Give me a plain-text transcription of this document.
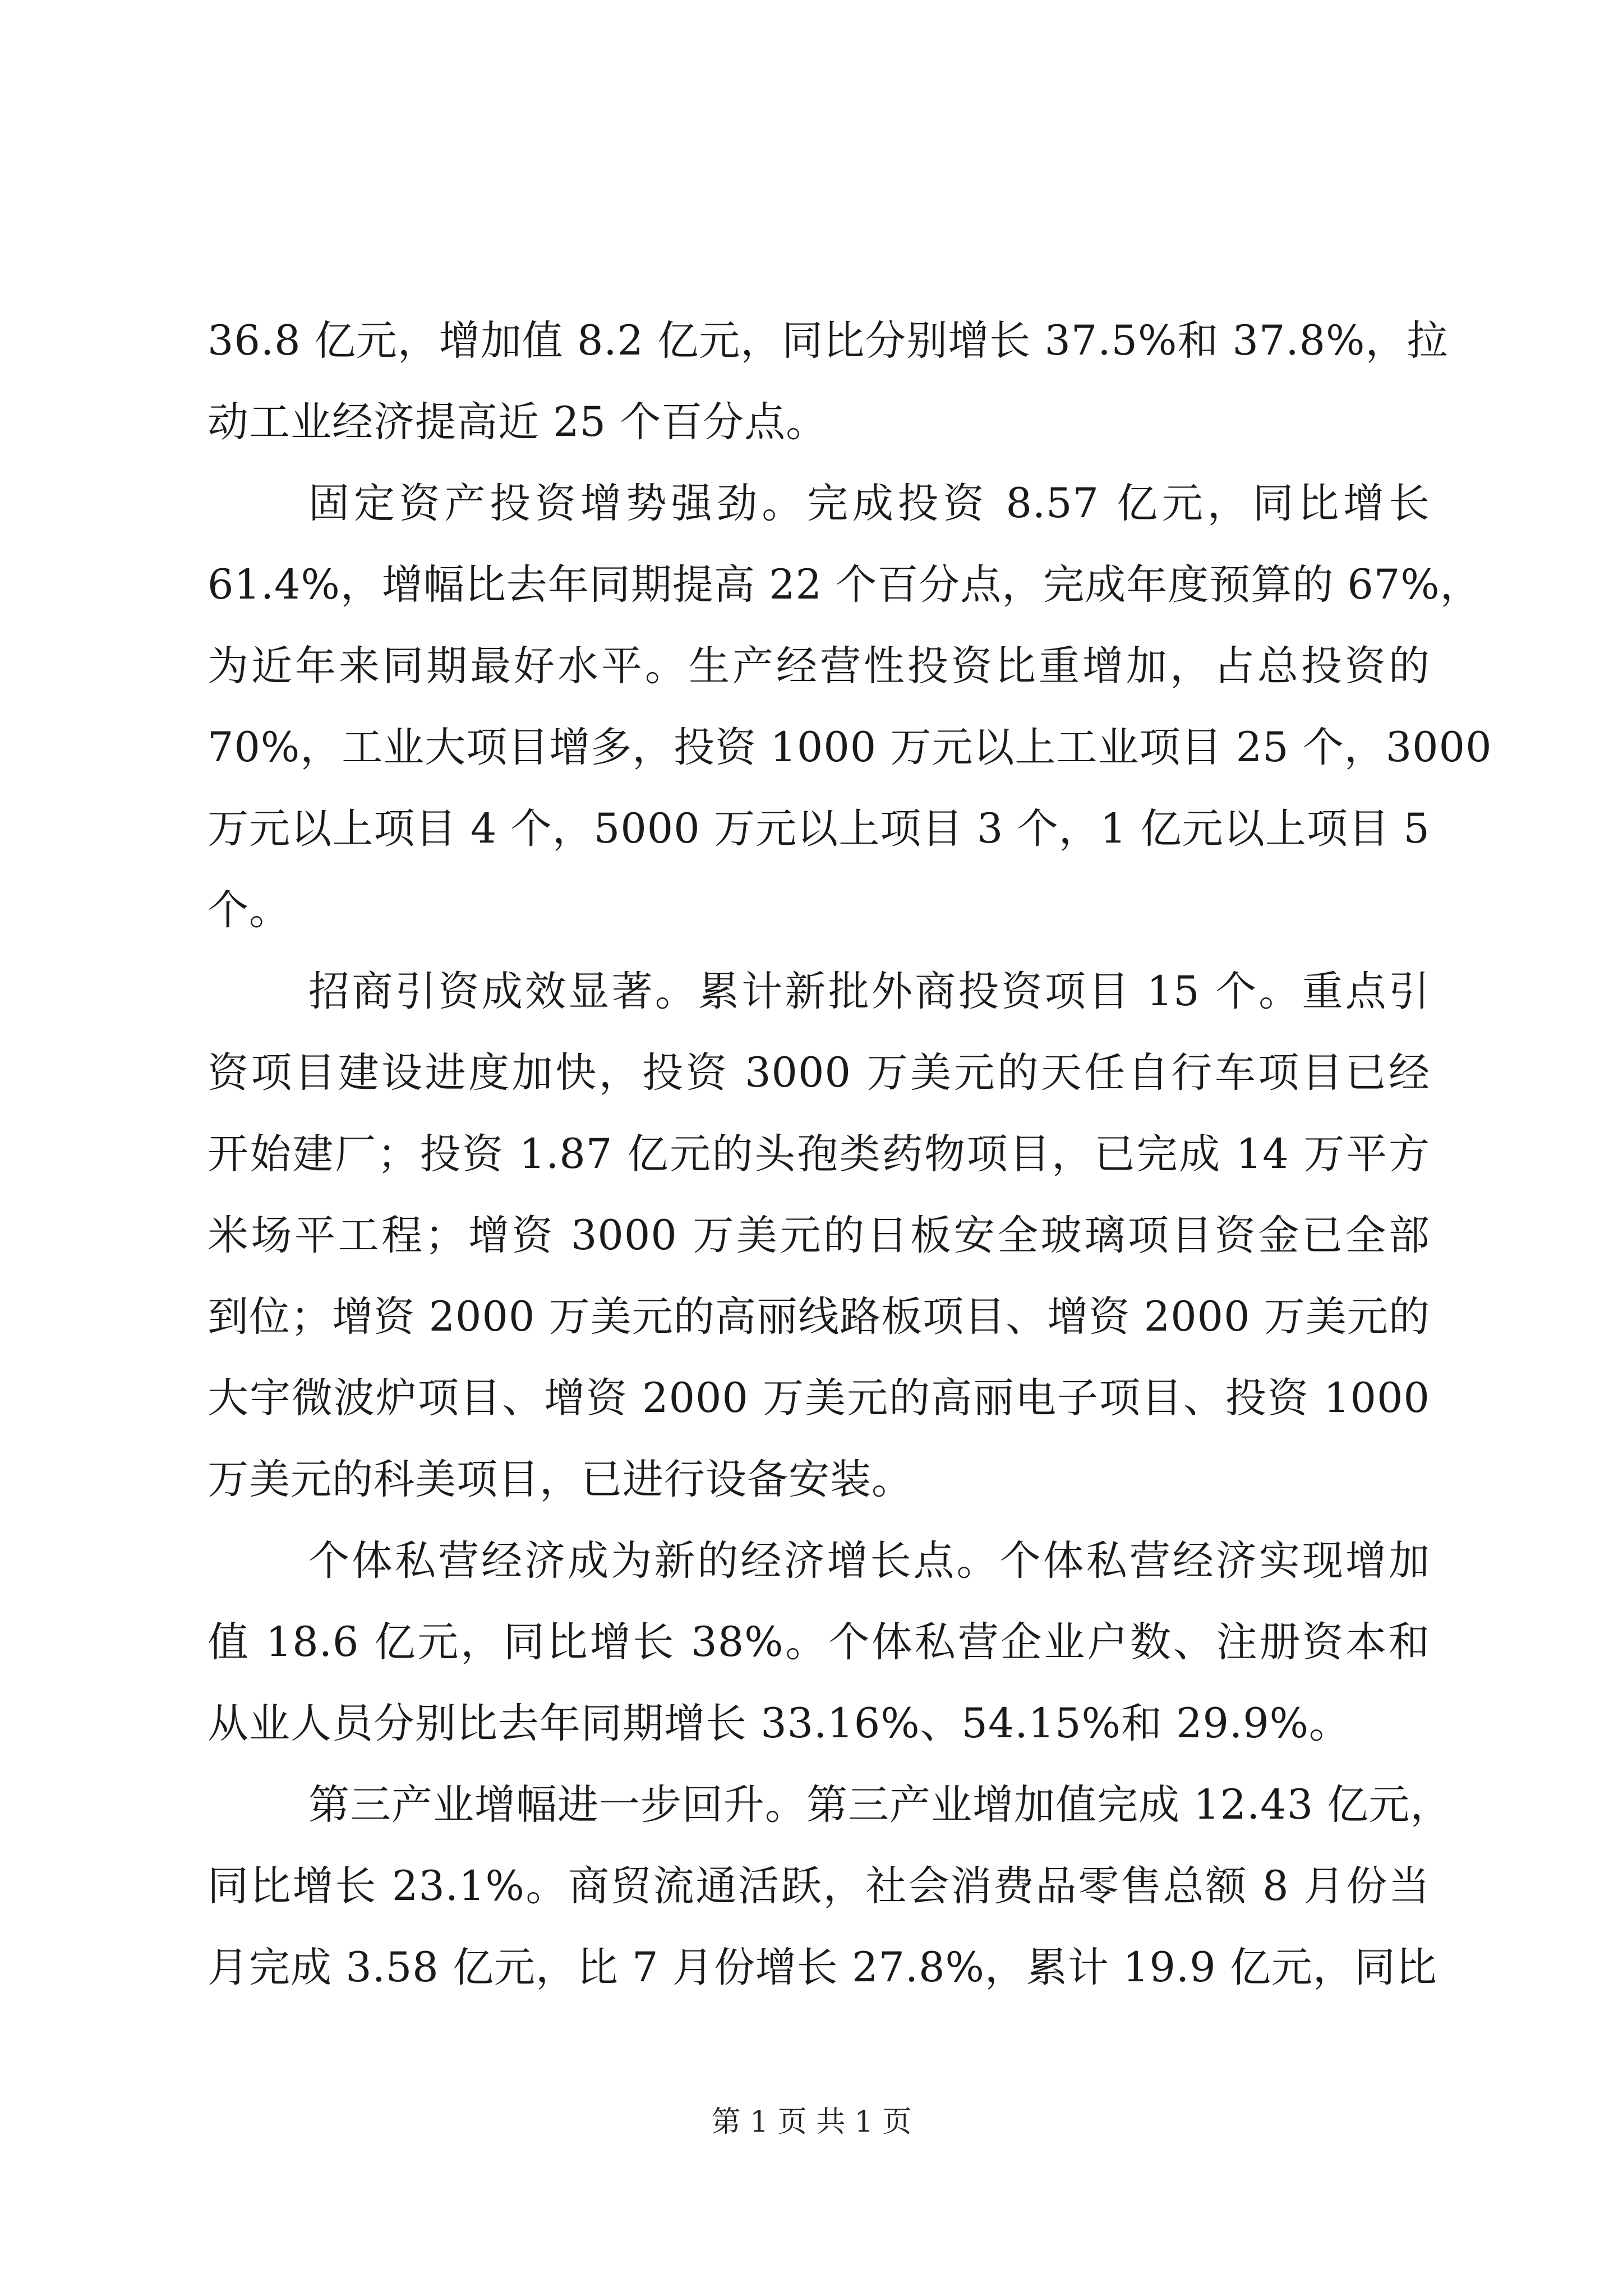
36.8 亿元，增加值 8.2 亿元，同比分别增长 37.5%和 37.8%，拉
动工业经济提高近 25 个百分点。
固定资产投资增势强劲。完成投资 8.57 亿元，同比增长
61.4%，增幅比去年同期提高 22 个百分点，完成年度预算的 67%，
为近年来同期最好水平。生产经营性投资比重增加，占总投资的
70%，工业大项目增多，投资 1000 万元以上工业项目 25 个，3000
万元以上项目 4 个，5000 万元以上项目 3 个，1 亿元以上项目 5
个。
招商引资成效显著。累计新批外商投资项目 15 个。重点引
资项目建设进度加快，投资 3000 万美元的天任自行车项目已经
开始建厂；投资 1.87 亿元的头孢类药物项目，已完成 14 万平方
米场平工程；增资 3000 万美元的日板安全玻璃项目资金已全部
到位；增资 2000 万美元的高丽线路板项目、增资 2000 万美元的
大宇微波炉项目、增资 2000 万美元的高丽电子项目、投资 1000
万美元的科美项目，已进行设备安装。
个体私营经济成为新的经济增长点。个体私营经济实现增加
值 18.6 亿元，同比增长 38%。个体私营企业户数、注册资本和
从业人员分别比去年同期增长 33.16%、54.15%和 29.9%。
第三产业增幅进一步回升。第三产业增加值完成 12.43 亿元，
同比增长 23.1%。商贸流通活跃，社会消费品零售总额 8 月份当
月完成 3.58 亿元，比 7 月份增长 27.8%，累计 19.9 亿元，同比
第 1 页 共 1 页
